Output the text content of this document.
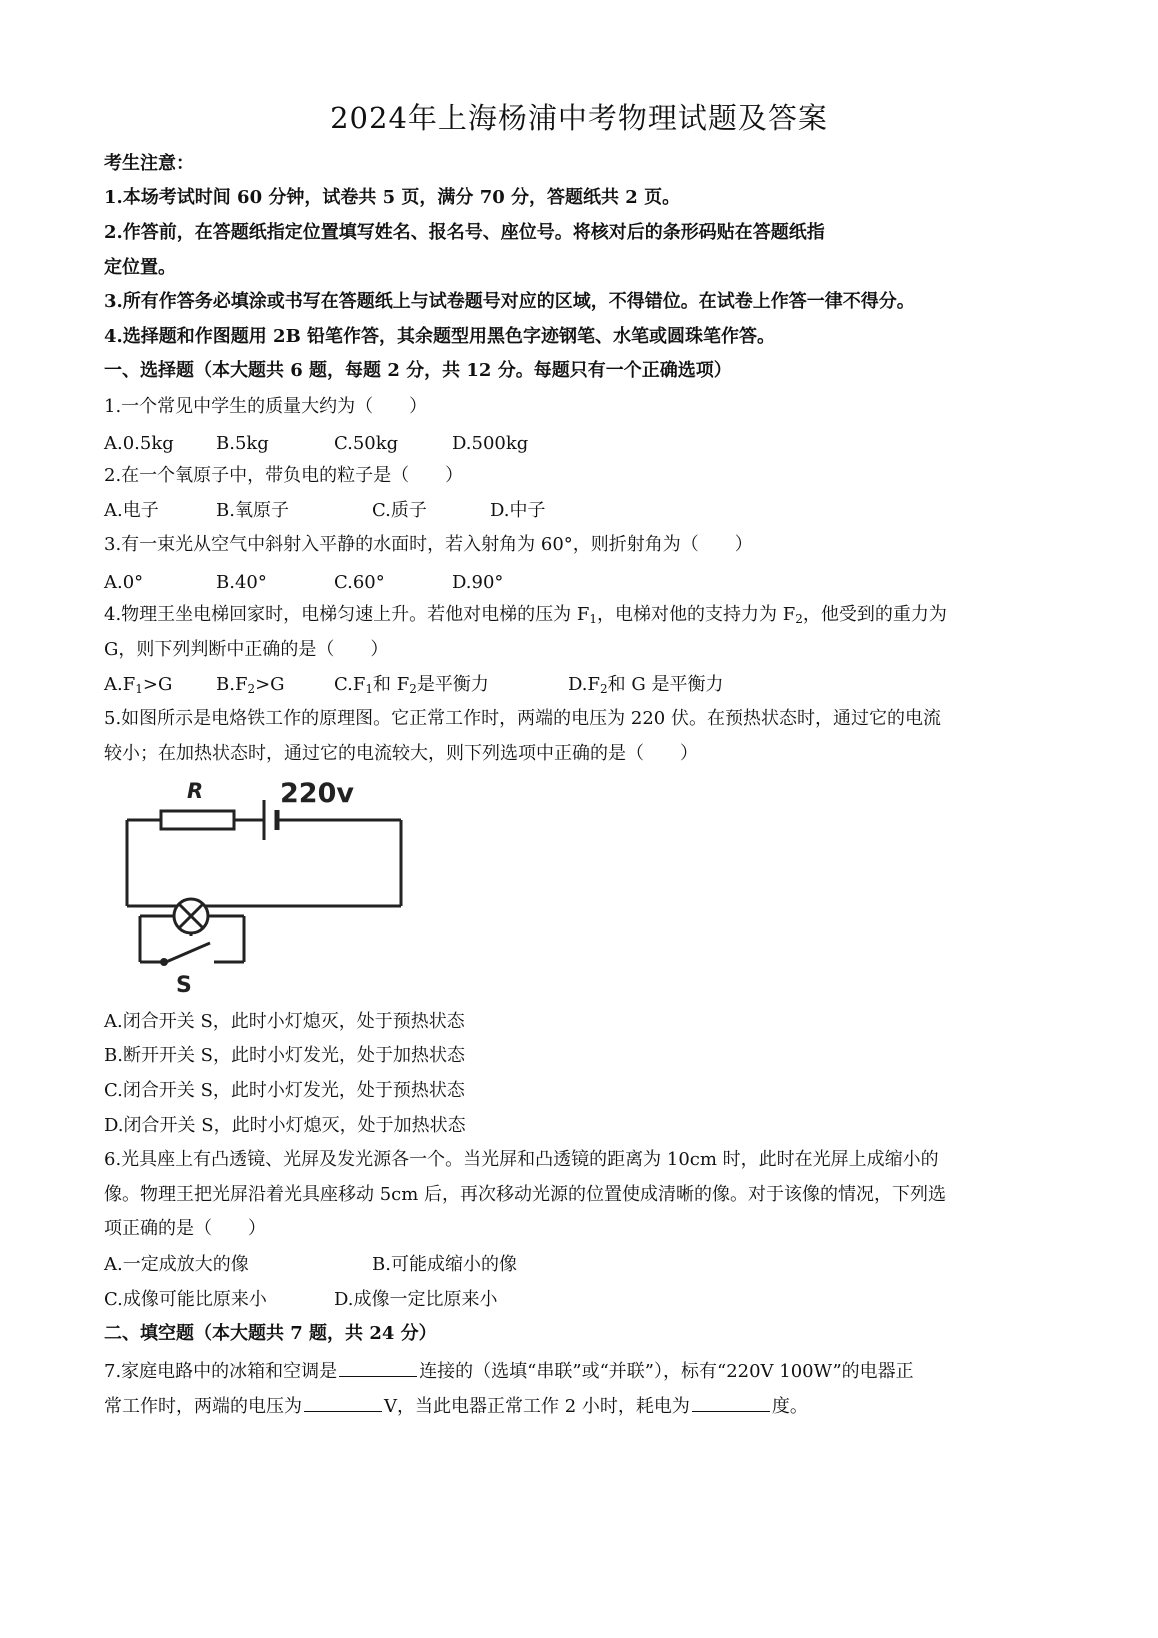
2024年上海杨浦中考物理试题及答案
考生注意：
1.本场考试时间 60 分钟，试卷共 5 页，满分 70 分，答题纸共 2 页。
2.作答前，在答题纸指定位置填写姓名、报名号、座位号。将核对后的条形码贴在答题纸指
定位置。
3.所有作答务必填涂或书写在答题纸上与试卷题号对应的区域，不得错位。在试卷上作答一律不得分。
4.选择题和作图题用 2B 铅笔作答，其余题型用黑色字迹钢笔、水笔或圆珠笔作答。
一、选择题（本大题共 6 题，每题 2 分，共 12 分。每题只有一个正确选项）
1.一个常见中学生的质量大约为（　　）
A.0.5kg B.5kg	C.50kg	D.500kg
2.在一个氧原子中，带负电的粒子是（　　）
A.电子	B.氧原子	C.质子	D.中子
3.有一束光从空气中斜射入平静的水面时，若入射角为 60°，则折射角为（　　）
A.0°	B.40°	C.60°	D.90°
4.物理王坐电梯回家时，电梯匀速上升。若他对电梯的压为 $F_1$，电梯对他的支持力为 $F_2$，他受到的重力为
G，则下列判断中正确的是（　　）
$A.F_1>G$ $B.F_2>G$	$C.F_1$和 $F_2$是平衡力	$D.F_2$和 G 是平衡力
5.如图所示是电烙铁工作的原理图。它正常工作时，两端的电压为 220 伏。在预热状态时，通过它的电流
较小；在加热状态时，通过它的电流较大，则下列选项中正确的是（　　）
R	220v
S
A.闭合开关 S，此时小灯熄灭，处于预热状态
B.断开开关 S，此时小灯发光，处于加热状态
C.闭合开关 S，此时小灯发光，处于预热状态
D.闭合开关 S，此时小灯熄灭，处于加热状态
6.光具座上有凸透镜、光屏及发光源各一个。当光屏和凸透镜的距离为 10cm 时，此时在光屏上成缩小的
像。物理王把光屏沿着光具座移动 5cm 后，再次移动光源的位置使成清晰的像。对于该像的情况，下列选
项正确的是（　　）
A.一定成放大的像	B.可能成缩小的像
C.成像可能比原来小	D.成像一定比原来小
二、填空题（本大题共 7 题，共 24 分）
7.家庭电路中的冰箱和空调是	连接的（选填“串联”或“并联”），标有“220V 100W”的电器正
常工作时，两端的电压为	V，当此电器正常工作 2 小时，耗电为	度。
